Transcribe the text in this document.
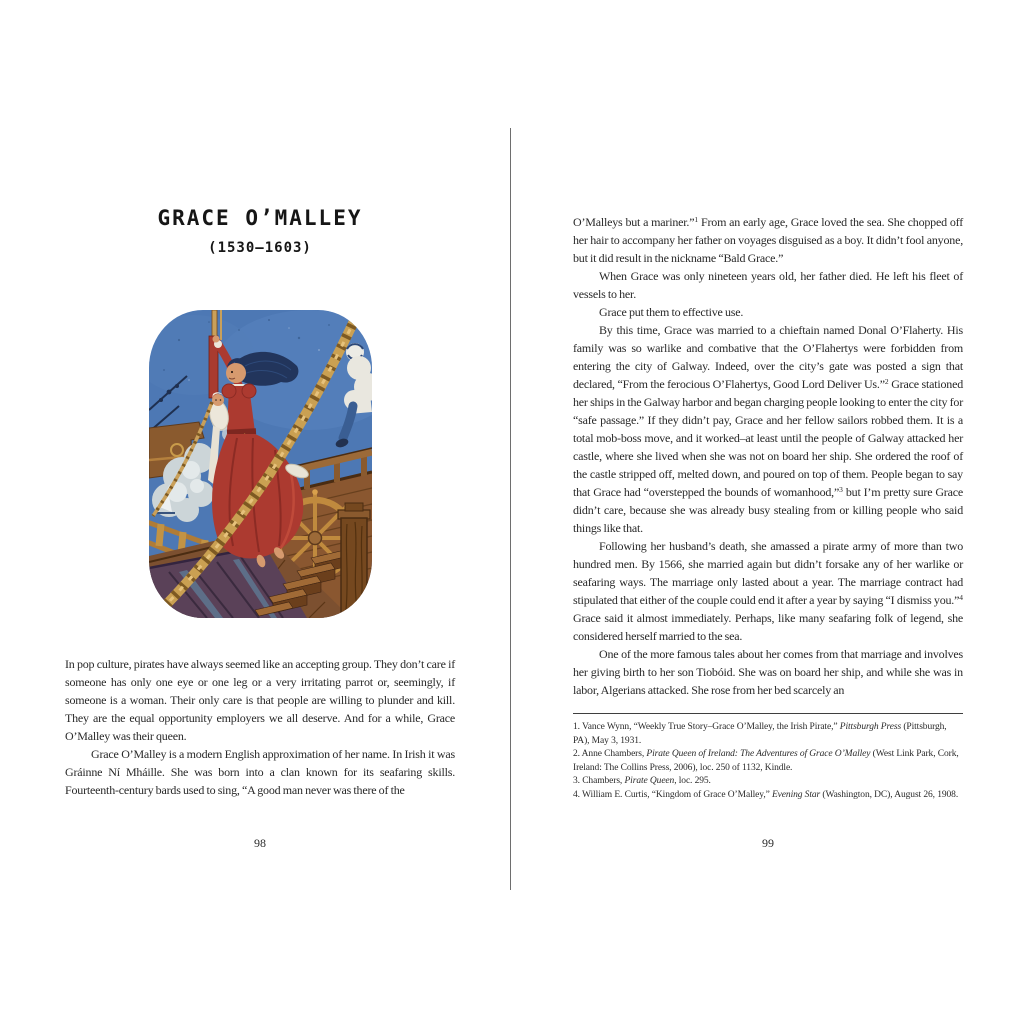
GRACE O’MALLEY
(1530–1603)

In pop culture, pirates have always seemed like an accepting group. They don’t care if someone has only one eye or one leg or a very irritating parrot or, seemingly, if someone is a woman. Their only care is that people are willing to plunder and kill. They are the equal opportunity employers we all deserve. And for a while, Grace O’Malley was their queen.

Grace O’Malley is a modern English approximation of her name. In Irish it was Gráinne Ní Mháille. She was born into a clan known for its seafaring skills. Fourteenth-century bards used to sing, “A good man never was there of the

98

O’Malleys but a mariner.”$^1$ From an early age, Grace loved the sea. She chopped off her hair to accompany her father on voyages disguised as a boy. It didn’t fool anyone, but it did result in the nickname “Bald Grace.”

When Grace was only nineteen years old, her father died. He left his fleet of vessels to her.

Grace put them to effective use.

By this time, Grace was married to a chieftain named Donal O’Flaherty. His family was so warlike and combative that the O’Flahertys were forbidden from entering the city of Galway. Indeed, over the city’s gate was posted a sign that declared, “From the ferocious O’Flahertys, Good Lord Deliver Us.”$^2$ Grace stationed her ships in the Galway harbor and began charging people looking to enter the city for “safe passage.” If they didn’t pay, Grace and her fellow sailors robbed them. It is a total mob-boss move, and it worked–at least until the people of Galway attacked her castle, where she lived when she was not on board her ship. She ordered the roof of the castle stripped off, melted down, and poured on top of them. People began to say that Grace had “overstepped the bounds of womanhood,”$^3$ but I’m pretty sure Grace didn’t care, because she was already busy stealing from or killing people who said things like that.

Following her husband’s death, she amassed a pirate army of more than two hundred men. By 1566, she married again but didn’t forsake any of her warlike or seafaring ways. The marriage only lasted about a year. The marriage contract had stipulated that either of the couple could end it after a year by saying “I dismiss you.”$^4$ Grace said it almost immediately. Perhaps, like many seafaring folk of legend, she considered herself married to the sea.

One of the more famous tales about her comes from that marriage and involves her giving birth to her son Tiobóid. She was on board her ship, and while she was in labor, Algerians attacked. She rose from her bed scarcely an

1. Vance Wynn, “Weekly True Story–Grace O’Malley, the Irish Pirate,” Pittsburgh Press (Pittsburgh, PA), May 3, 1931.

2. Anne Chambers, Pirate Queen of Ireland: The Adventures of Grace O’Malley (West Link Park, Cork, Ireland: The Collins Press, 2006), loc. 250 of 1132, Kindle.

3. Chambers, Pirate Queen, loc. 295.

4. William E. Curtis, “Kingdom of Grace O’Malley,” Evening Star (Washington, DC), August 26, 1908.

99
